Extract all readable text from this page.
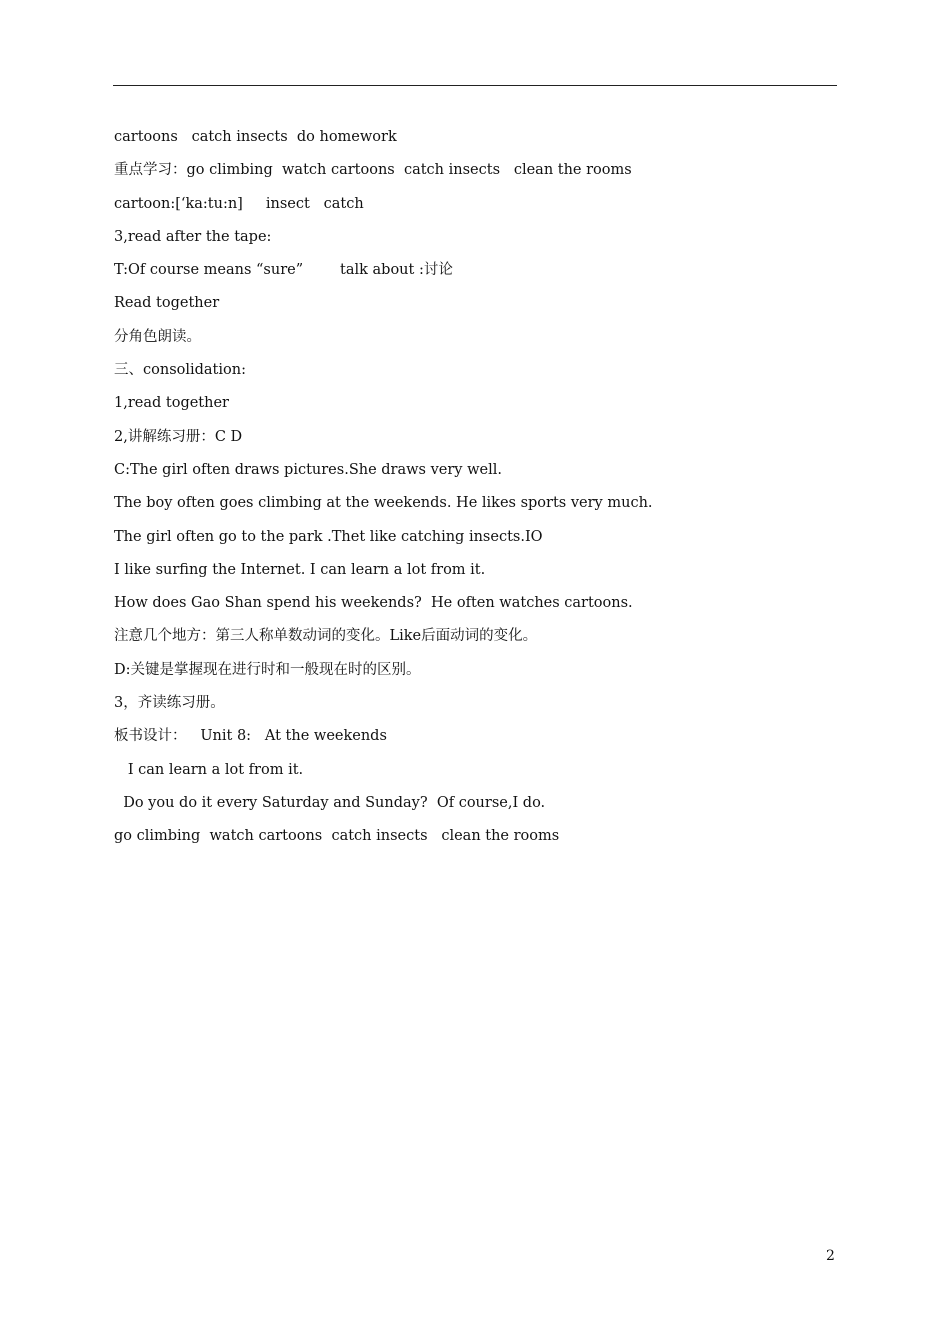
cartoons   catch insects  do homework
重点学习：go climbing  watch cartoons  catch insects   clean the rooms
cartoon:[‘ka:tu:n]     insect   catch
3,read after the tape:
T:Of course means “sure”        talk about :讨论
Read together
分角色朗读。
三、consolidation:
1,read together
2,讲解练习册：C D
C:The girl often draws pictures.She draws very well.
The boy often goes climbing at the weekends. He likes sports very much.
The girl often go to the park .Thet like catching insects.IO
I like surfing the Internet. I can learn a lot from it.
How does Gao Shan spend his weekends?  He often watches cartoons.
注意几个地方：第三人称单数动词的变化。Like后面动词的变化。
D:关键是掌握现在进行时和一般现在时的区别。
3，齐读练习册。
板书设计：   Unit 8:   At the weekends
I can learn a lot from it.
Do you do it every Saturday and Sunday?  Of course,I do.
go climbing  watch cartoons  catch insects   clean the rooms
2
